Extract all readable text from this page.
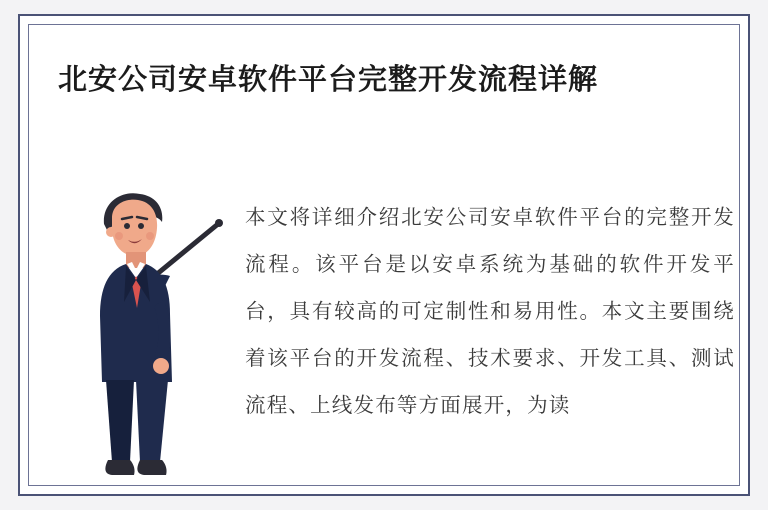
北安公司安卓软件平台完整开发流程详解
本文将详细介绍北安公司安卓软件平台的完整开发流程。该平台是以安卓系统为基础的软件开发平台，具有较高的可定制性和易用性。本文主要围绕着该平台的开发流程、技术要求、开发工具、测试流程、上线发布等方面展开，为读
